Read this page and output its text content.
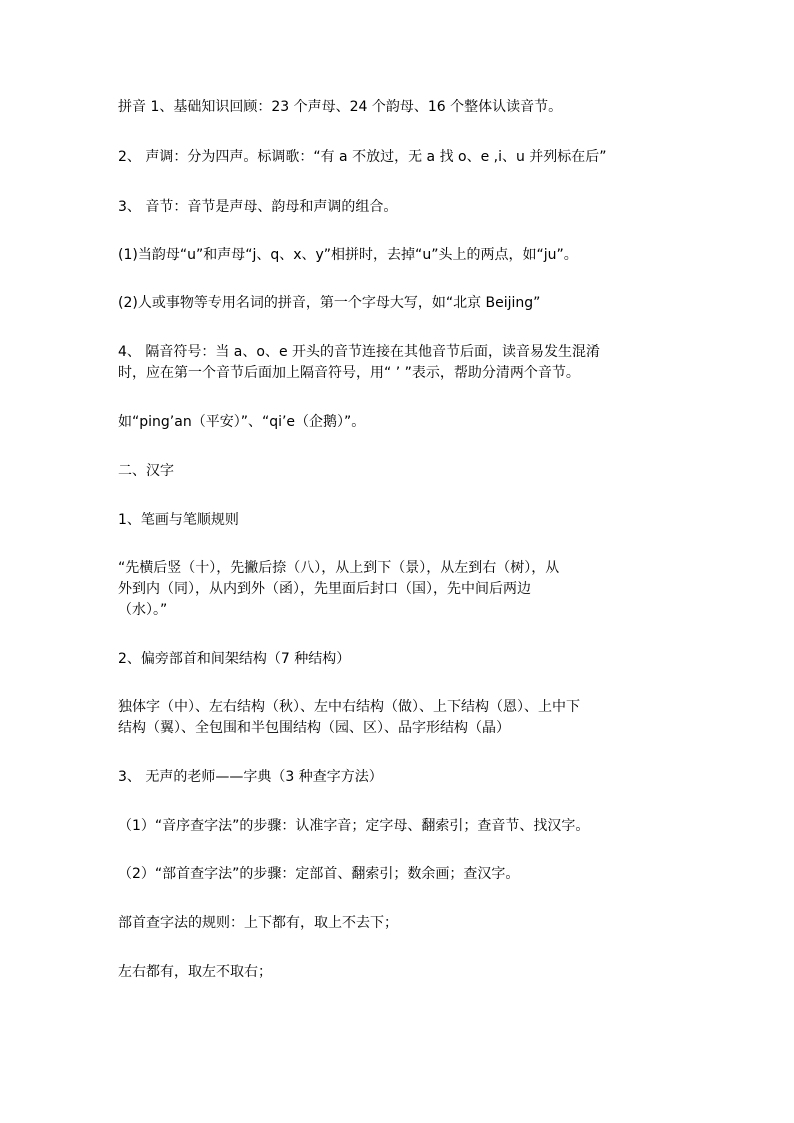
拼音 1、基础知识回顾：23 个声母、24 个韵母、16 个整体认读音节。

2、 声调：分为四声。标调歌：“有 a 不放过，无 a 找 o、e ,i、u 并列标在后”

3、 音节：音节是声母、韵母和声调的组合。

(1)当韵母“u”和声母“j、q、x、y”相拼时，去掉“u”头上的两点，如“ju”。

(2)人或事物等专用名词的拼音，第一个字母大写，如“北京 Beijing”

4、 隔音符号：当 a、o、e 开头的音节连接在其他音节后面，读音易发生混淆

时，应在第一个音节后面加上隔音符号，用“ ’ ”表示，帮助分清两个音节。

如“ping’an（平安）”、“qi’e（企鹅）”。

二、汉字

1、笔画与笔顺规则

“先横后竖（十），先撇后捺（八），从上到下（景），从左到右（树），从

外到内（同），从内到外（函），先里面后封口（国），先中间后两边

（水）。”

2、偏旁部首和间架结构（7 种结构）

独体字（中）、左右结构（秋）、左中右结构（做）、上下结构（恩）、上中下

结构（翼）、全包围和半包围结构（园、区）、品字形结构（晶）

3、 无声的老师——字典（3 种查字方法）

（1）“音序查字法”的步骤：认准字音；定字母、翻索引；查音节、找汉字。

（2）“部首查字法”的步骤：定部首、翻索引；数余画；查汉字。

部首查字法的规则：上下都有，取上不去下；

左右都有，取左不取右；
